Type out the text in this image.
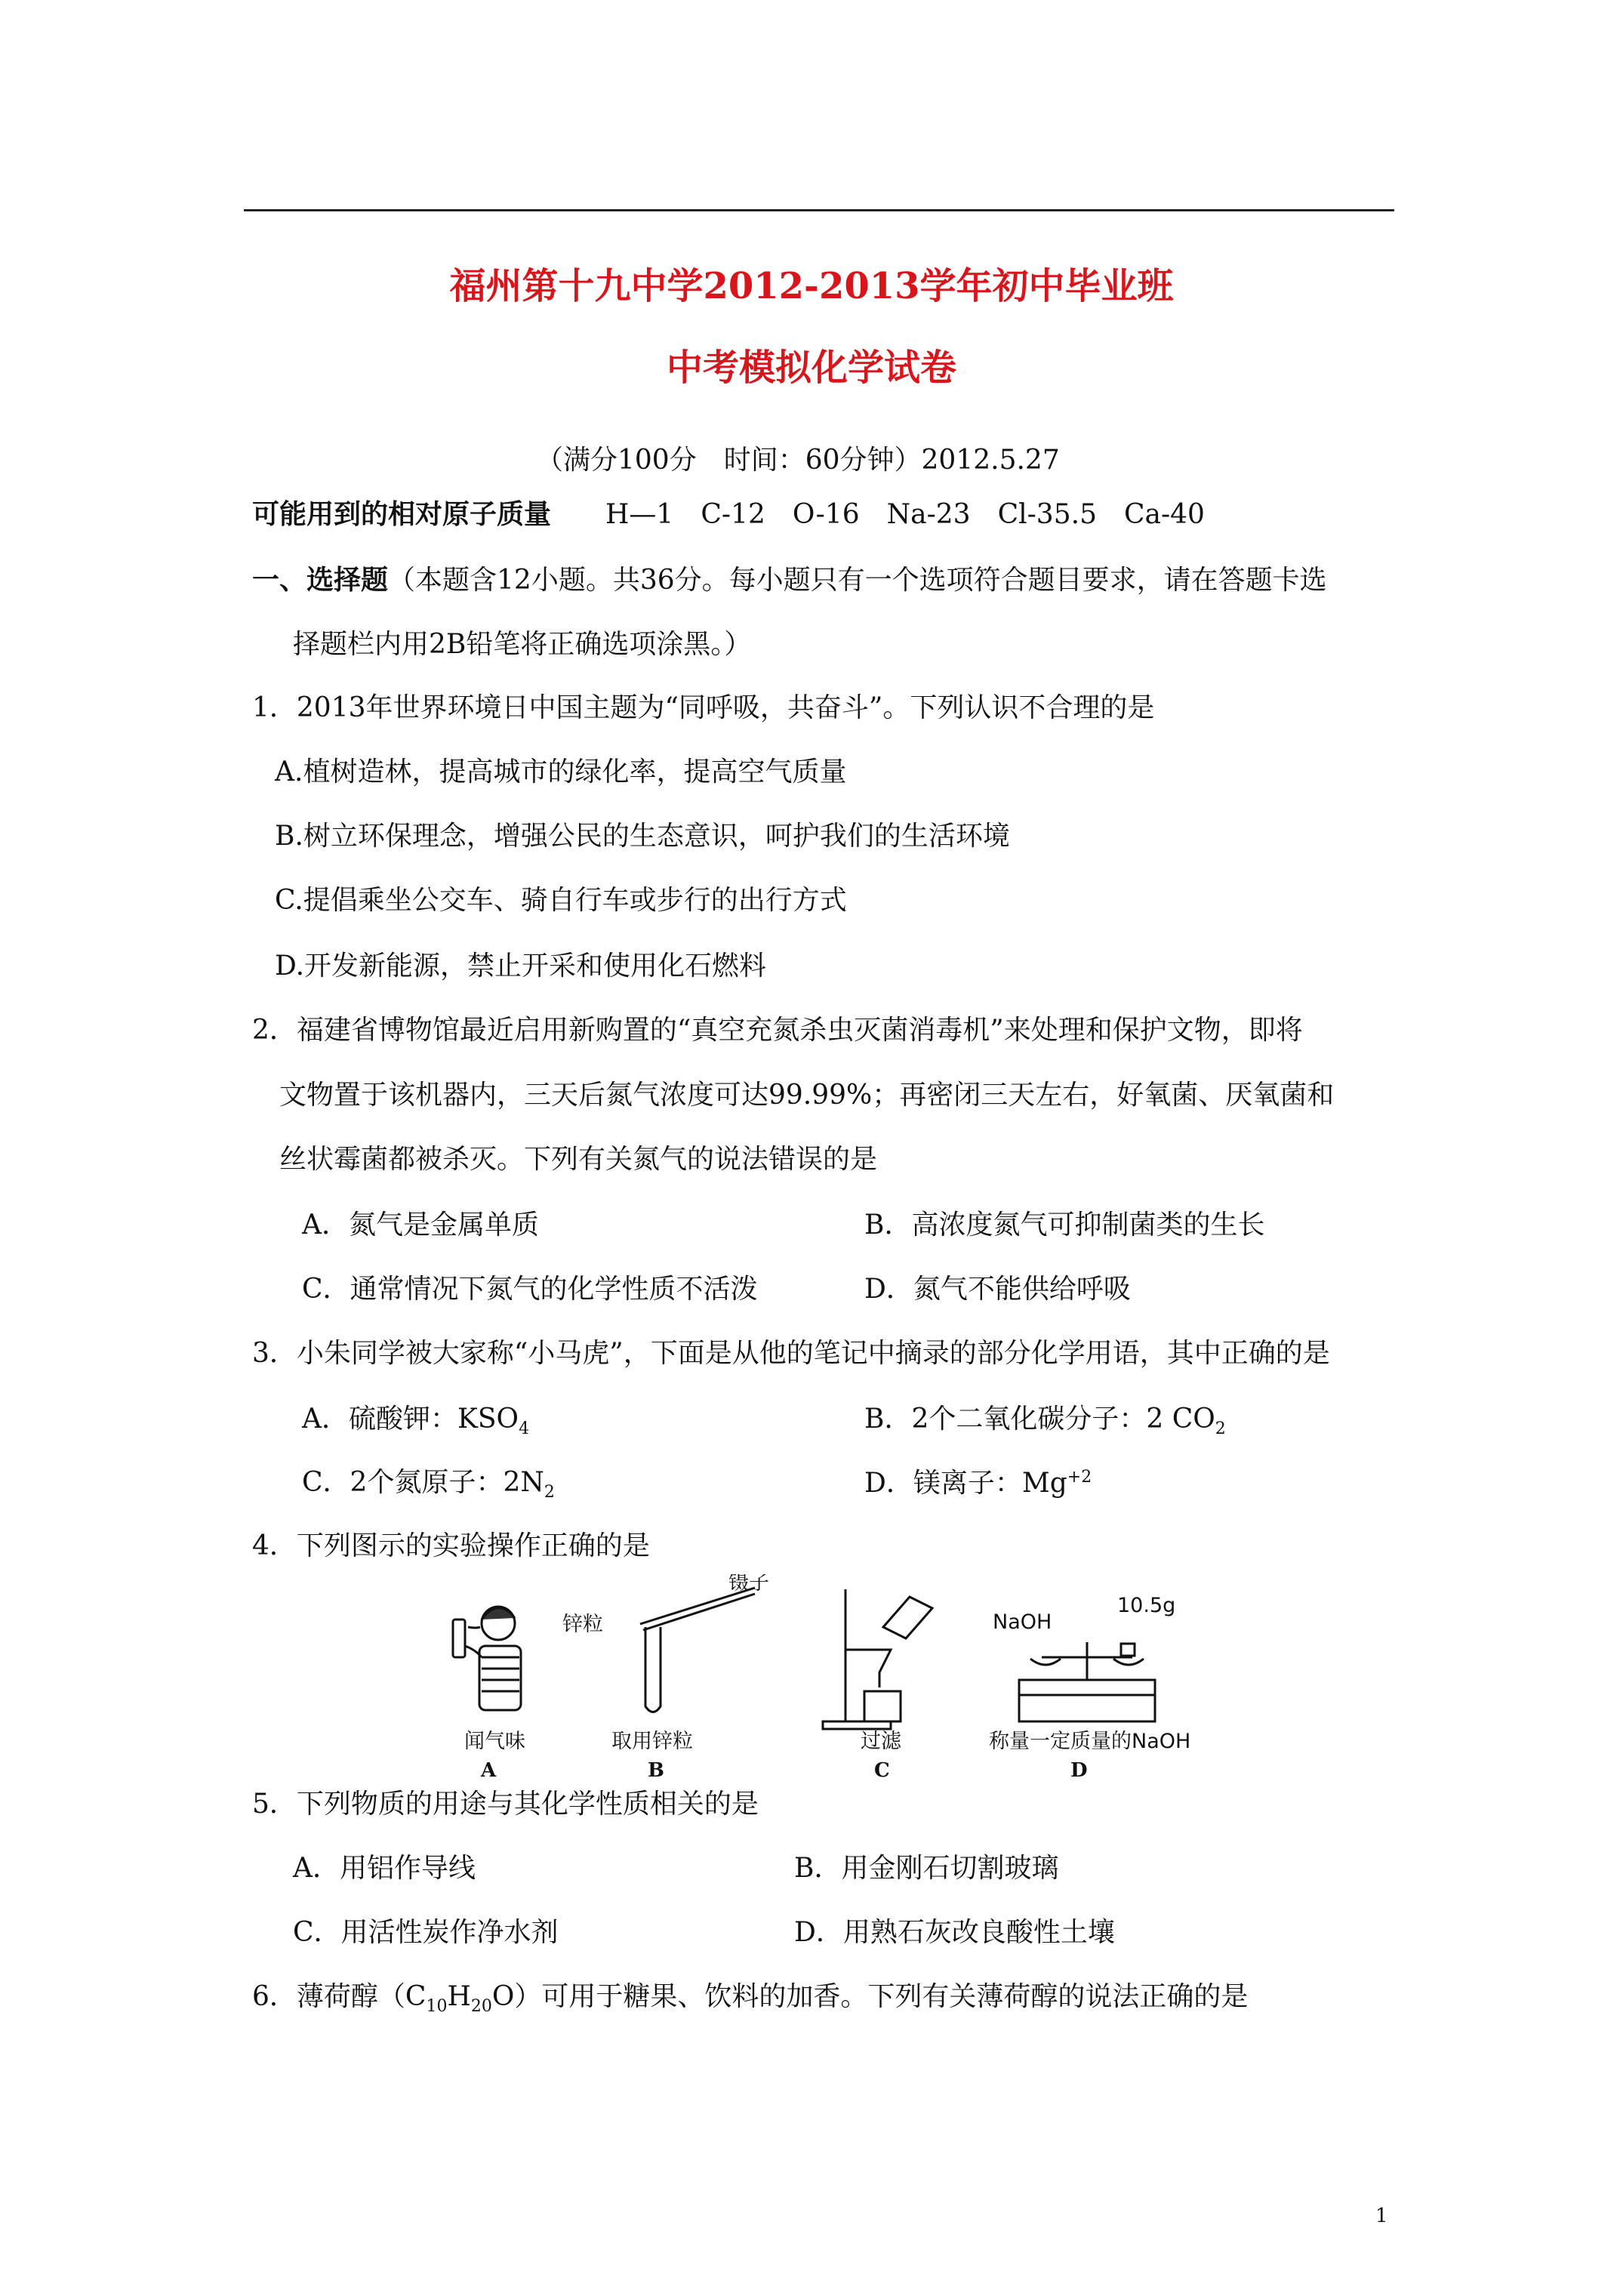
福州第十九中学2012-2013学年初中毕业班
中考模拟化学试卷
（满分100分　时间：60分钟）2012.5.27
可能用到的相对原子质量　　 H—1　C-12　O-16　Na-23　Cl-35.5　Ca-40
一、选择题（本题含12小题。共36分。每小题只有一个选项符合题目要求，请在答题卡选
择题栏内用2B铅笔将正确选项涂黑。）
1．2013年世界环境日中国主题为“同呼吸，共奋斗”。下列认识不合理的是
A.植树造林，提高城市的绿化率，提高空气质量
B.树立环保理念，增强公民的生态意识，呵护我们的生活环境
C.提倡乘坐公交车、骑自行车或步行的出行方式
D.开发新能源，禁止开采和使用化石燃料
2．福建省博物馆最近启用新购置的“真空充氮杀虫灭菌消毒机”来处理和保护文物，即将
文物置于该机器内，三天后氮气浓度可达99.99%；再密闭三天左右，好氧菌、厌氧菌和
丝状霉菌都被杀灭。下列有关氮气的说法错误的是
A．氮气是金属单质	B．高浓度氮气可抑制菌类的生长
C．通常情况下氮气的化学性质不活泼	D．氮气不能供给呼吸
3．小朱同学被大家称“小马虎”，下面是从他的笔记中摘录的部分化学用语，其中正确的是
A．硫酸钾：$KSO_4$	B．2个二氧化碳分子：2 $CO_2$
C．2个氮原子：$2N_2$	D．镁离子：$Mg^{+2}$
4．下列图示的实验操作正确的是
闻气味
A
锌粒
镊子
取用锌粒
B
过滤
C
NaOH
10.5g
称量一定质量的NaOH
D
5．下列物质的用途与其化学性质相关的是
A．用铝作导线	B．用金刚石切割玻璃
C．用活性炭作净水剂	D．用熟石灰改良酸性土壤
6．薄荷醇$(C_{10}H_{20}O)$可用于糖果、饮料的加香。下列有关薄荷醇的说法正确的是
1
